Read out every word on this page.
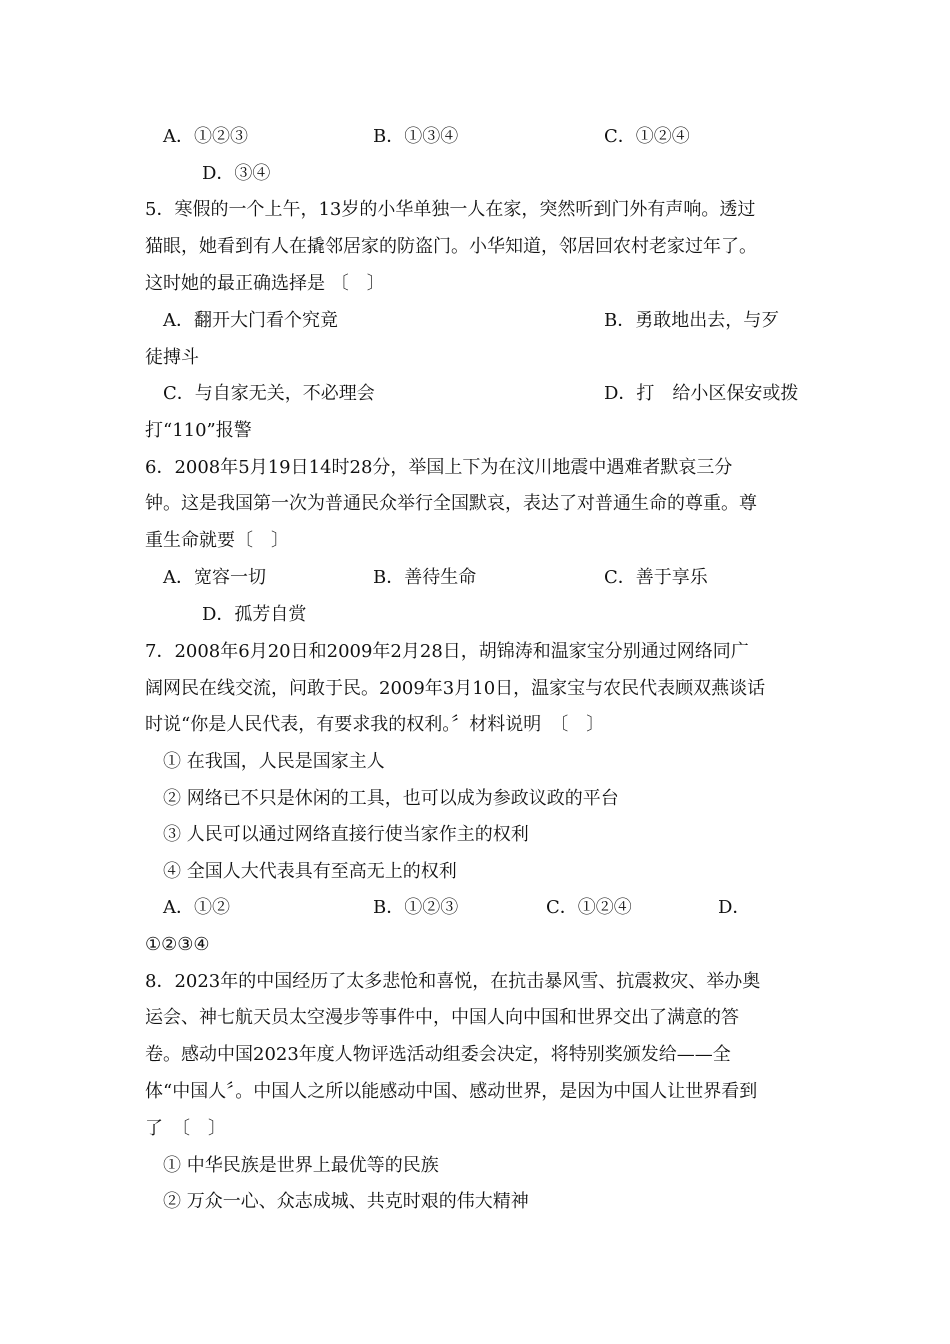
A．①②③	B．①③④	C．①②④
D．③④
5．寒假的一个上午，13岁的小华单独一人在家，突然听到门外有声响。透过
猫眼，她看到有人在撬邻居家的防盗门。小华知道，邻居回农村老家过年了。
这时她的最正确选择是 〔　〕
A．翻开大门看个究竟	B．勇敢地出去，与歹
徒搏斗
C．与自家无关，不必理会	D．打　给小区保安或拨
打“110”报警
6．2008年5月19日14时28分，举国上下为在汶川地震中遇难者默哀三分
钟。这是我国第一次为普通民众举行全国默哀，表达了对普通生命的尊重。尊
重生命就要〔　〕
A．宽容一切	B．善待生命	C．善于享乐
D．孤芳自赏
7．2008年6月20日和2009年2月28日，胡锦涛和温家宝分别通过网络同广
阔网民在线交流，问敢于民。2009年3月10日，温家宝与农民代表顾双燕谈话
时说“你是人民代表，有要求我的权利。〞材料说明　〔　〕
① 在我国，人民是国家主人
② 网络已不只是休闲的工具，也可以成为参政议政的平台
③ 人民可以通过网络直接行使当家作主的权利
④ 全国人大代表具有至高无上的权利
A．①②	B．①②③	C．①②④	D．
①②③④
8．2023年的中国经历了太多悲怆和喜悦，在抗击暴风雪、抗震救灾、举办奥
运会、神七航天员太空漫步等事件中，中国人向中国和世界交出了满意的答
卷。感动中国2023年度人物评选活动组委会决定，将特别奖颁发给——全
体“中国人〞。中国人之所以能感动中国、感动世界，是因为中国人让世界看到
了　〔　〕
① 中华民族是世界上最优等的民族
② 万众一心、众志成城、共克时艰的伟大精神
